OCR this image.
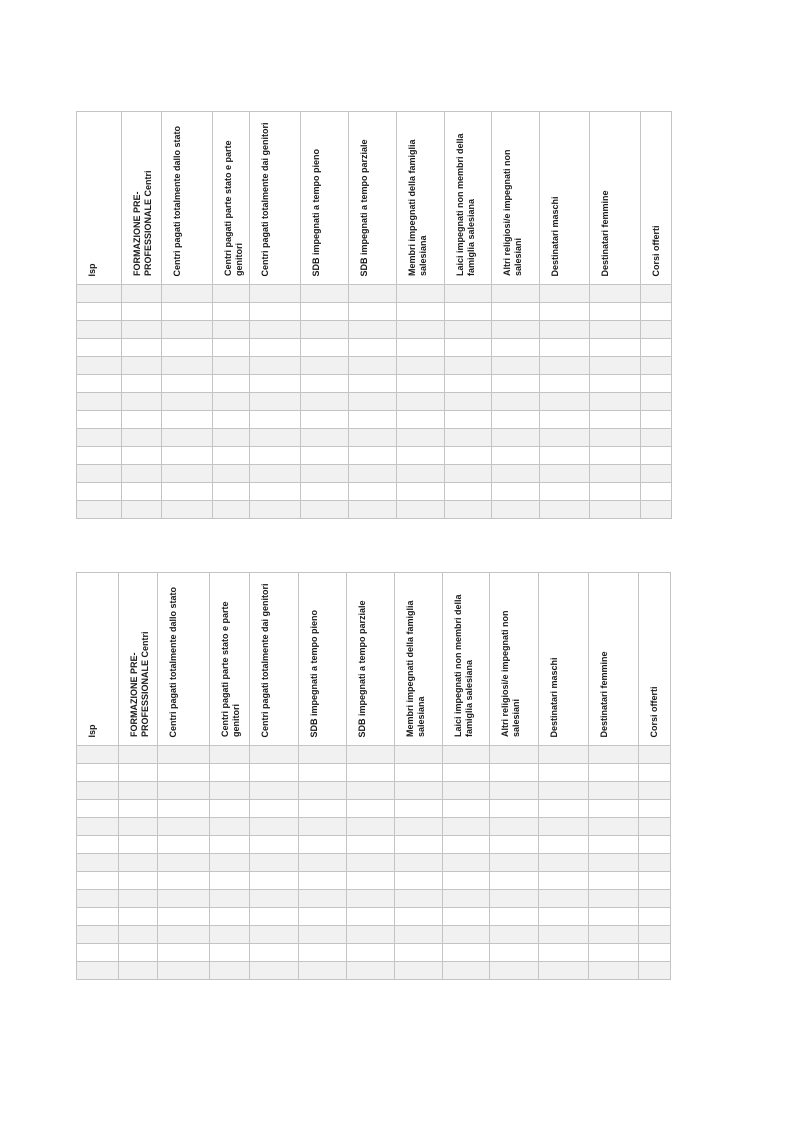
Isp	FORMAZIONE PRE-PROFESSIONALE Centri	Centri pagati totalmente dallo stato	Centri pagati parte stato e parte genitori	Centri pagati totalmente dai genitori	SDB impegnati a tempo pieno	SDB impegnati a tempo parziale	Membri impegnati della famiglia salesiana	Laici impegnati non membri della famiglia salesiana	Altri religiosi/e impegnati non salesiani	Destinatari maschi	Destinatari femmine	Corsi offerti

Isp	FORMAZIONE PRE-PROFESSIONALE Centri	Centri pagati totalmente dallo stato	Centri pagati parte stato e parte genitori	Centri pagati totalmente dai genitori	SDB impegnati a tempo pieno	SDB impegnati a tempo parziale	Membri impegnati della famiglia salesiana	Laici impegnati non membri della famiglia salesiana	Altri religiosi/e impegnati non salesiani	Destinatari maschi	Destinatari femmine	Corsi offerti
